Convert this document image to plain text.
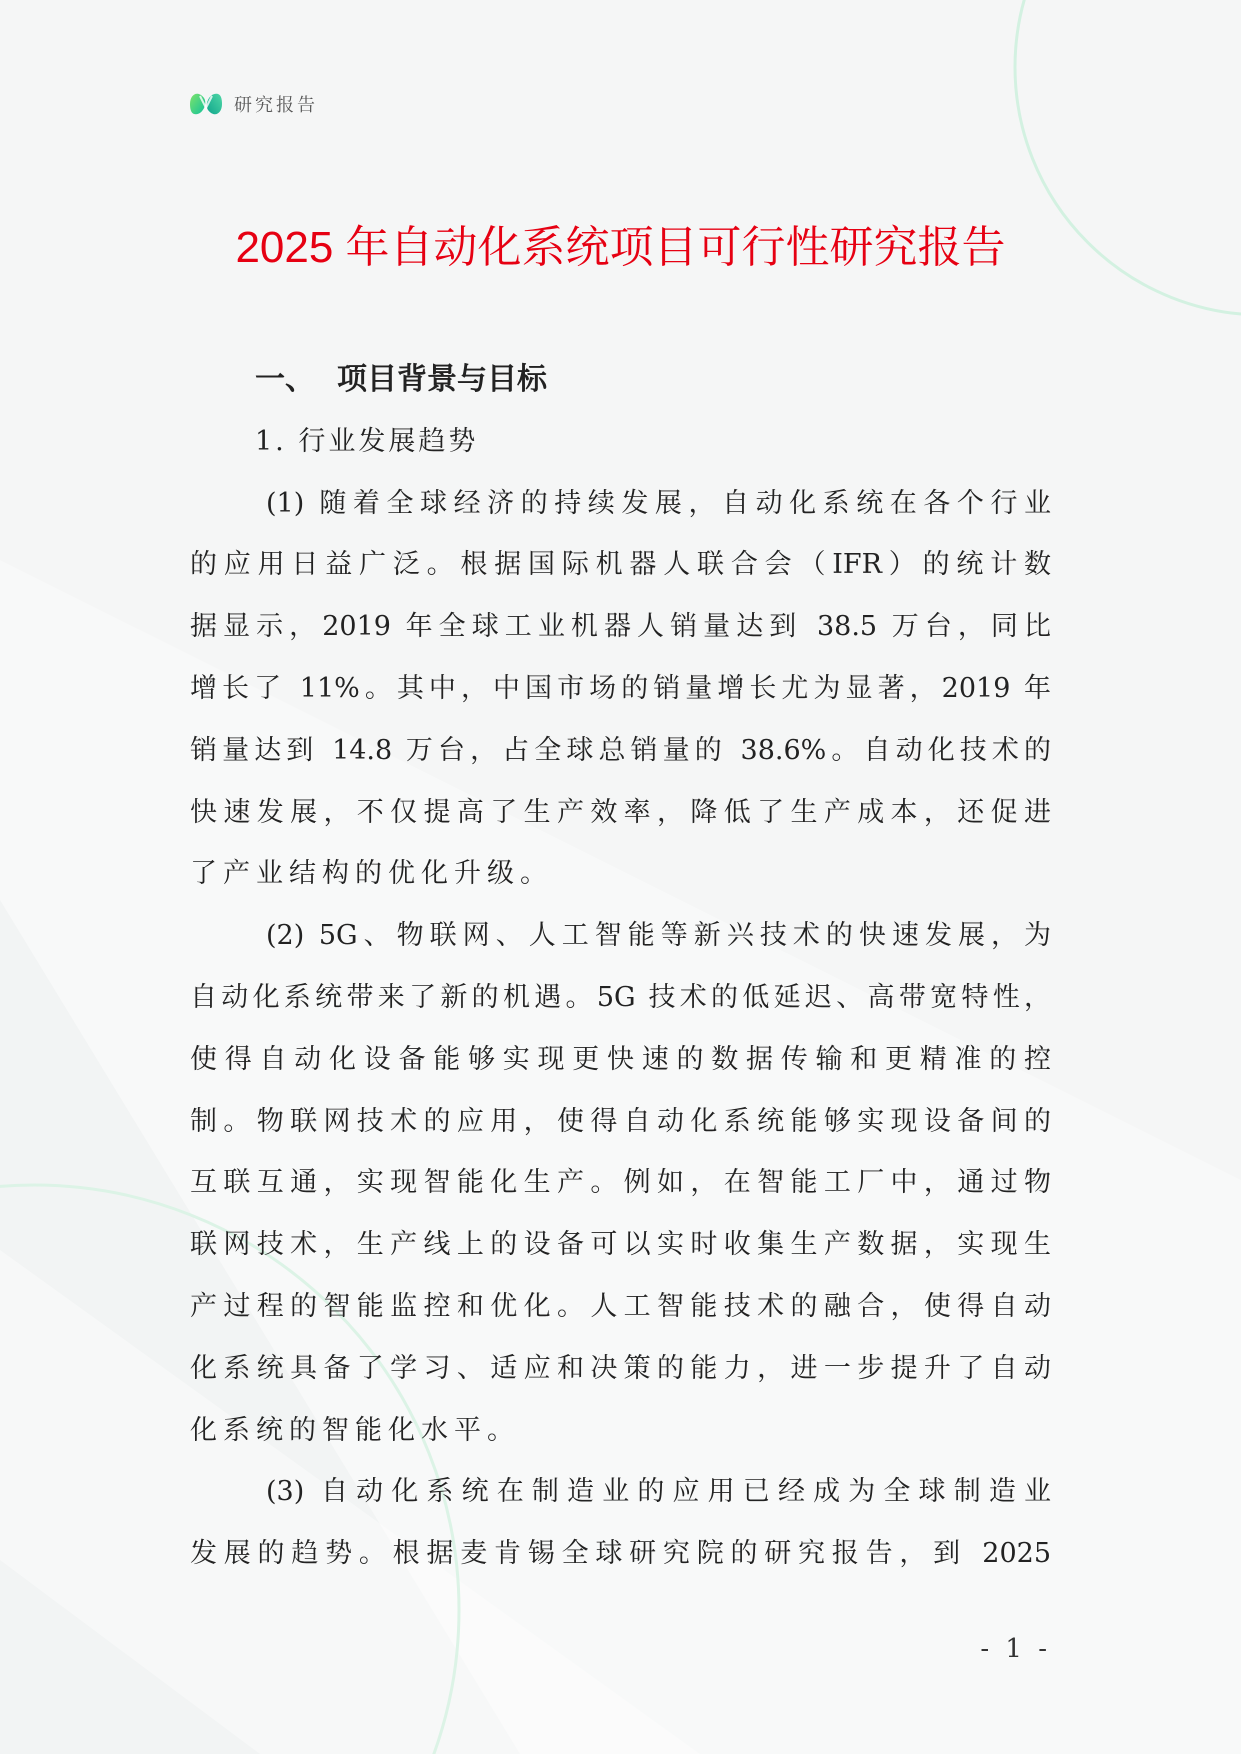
研究报告
2025 年自动化系统项目可行性研究报告
一、 项目背景与目标
1. 行业发展趋势
(1) 随着全球经济的持续发展，自动化系统在各个行业
的应用日益广泛。根据国际机器人联合会（IFR）的统计数
据显示，2019 年全球工业机器人销量达到 38.5 万台，同比
增长了 11%。其中，中国市场的销量增长尤为显著，2019 年
销量达到 14.8 万台，占全球总销量的 38.6%。自动化技术的
快速发展，不仅提高了生产效率，降低了生产成本，还促进
了产业结构的优化升级。
(2) 5G、物联网、人工智能等新兴技术的快速发展，为
自动化系统带来了新的机遇。5G 技术的低延迟、高带宽特性，
使得自动化设备能够实现更快速的数据传输和更精准的控
制。物联网技术的应用，使得自动化系统能够实现设备间的
互联互通，实现智能化生产。例如，在智能工厂中，通过物
联网技术，生产线上的设备可以实时收集生产数据，实现生
产过程的智能监控和优化。人工智能技术的融合，使得自动
化系统具备了学习、适应和决策的能力，进一步提升了自动
化系统的智能化水平。
(3) 自动化系统在制造业的应用已经成为全球制造业
发展的趋势。根据麦肯锡全球研究院的研究报告，到 2025
- 1 -
